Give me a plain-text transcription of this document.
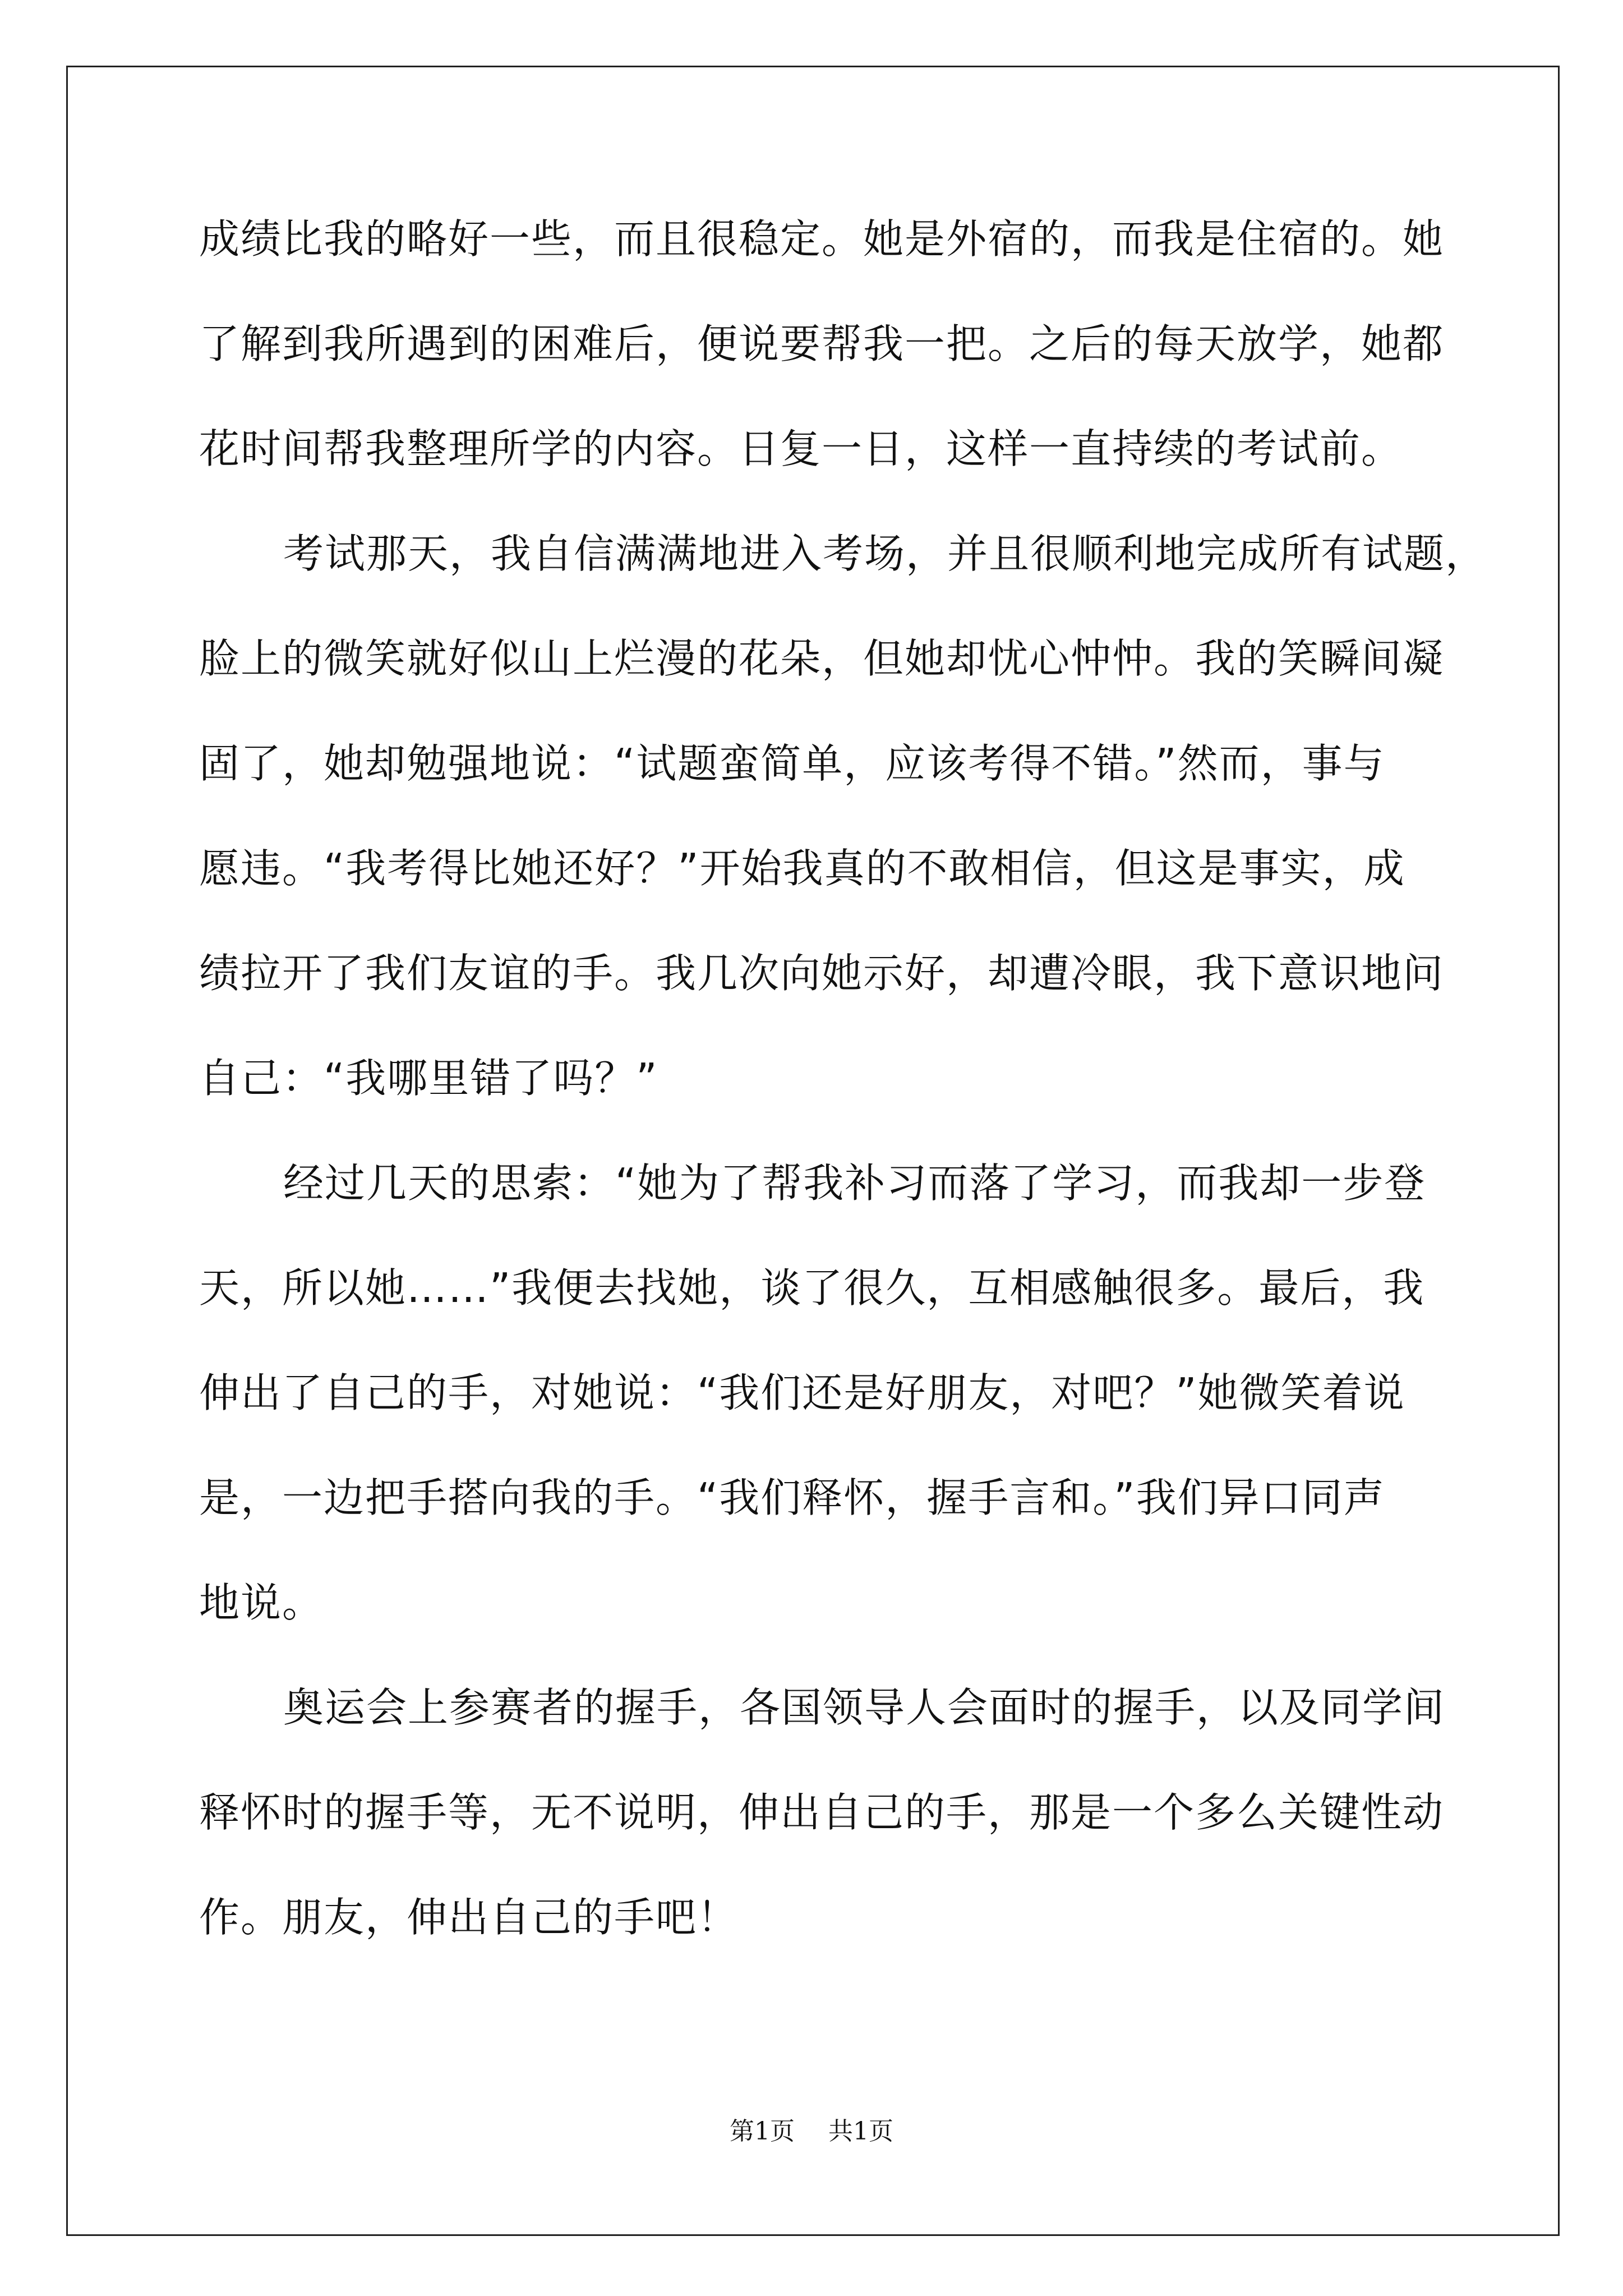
成绩比我的略好一些，而且很稳定。她是外宿的，而我是住宿的。她
了解到我所遇到的困难后，便说要帮我一把。之后的每天放学，她都
花时间帮我整理所学的内容。日复一日，这样一直持续的考试前。
考试那天，我自信满满地进入考场，并且很顺利地完成所有试题，
脸上的微笑就好似山上烂漫的花朵，但她却忧心忡忡。我的笑瞬间凝
固了，她却勉强地说：“试题蛮简单，应该考得不错。”然而，事与
愿违。“我考得比她还好？”开始我真的不敢相信，但这是事实，成
绩拉开了我们友谊的手。我几次向她示好，却遭冷眼，我下意识地问
自己：“我哪里错了吗？”
经过几天的思索：“她为了帮我补习而落了学习，而我却一步登
天，所以她……”我便去找她，谈了很久，互相感触很多。最后，我
伸出了自己的手，对她说：“我们还是好朋友，对吧？”她微笑着说
是，一边把手搭向我的手。“我们释怀，握手言和。”我们异口同声
地说。
奥运会上参赛者的握手，各国领导人会面时的握手，以及同学间
释怀时的握手等，无不说明，伸出自己的手，那是一个多么关键性动
作。朋友，伸出自己的手吧！
第1页 共1页
